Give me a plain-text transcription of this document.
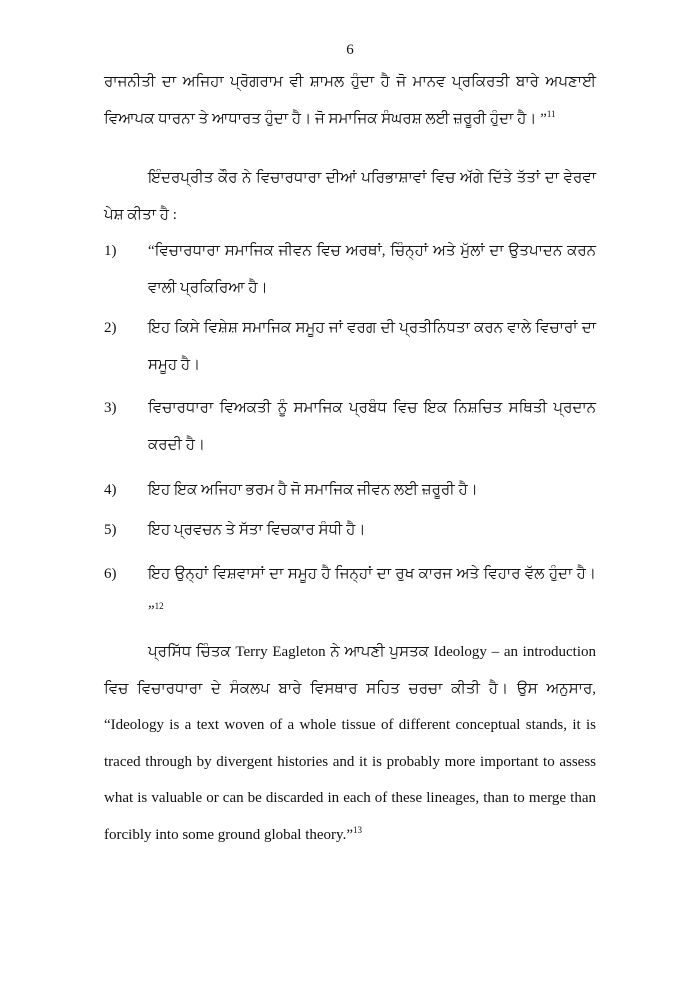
6

ਰਾਜਨੀਤੀ ਦਾ ਅਜਿਹਾ ਪ੍ਰੋਗਰਾਮ ਵੀ ਸ਼ਾਮਲ ਹੁੰਦਾ ਹੈ ਜੋ ਮਾਨਵ ਪ੍ਰਕਿਰਤੀ ਬਾਰੇ ਅਪਣਾਈ ਵਿਆਪਕ ਧਾਰਨਾ ਤੇ ਆਧਾਰਤ ਹੁੰਦਾ ਹੈ। ਜੋ ਸਮਾਜਿਕ ਸੰਘਰਸ਼ ਲਈ ਜ਼ਰੂਰੀ ਹੁੰਦਾ ਹੈ। ”$^{11}$

ਇੰਦਰਪ੍ਰੀਤ ਕੌਰ ਨੇ ਵਿਚਾਰਧਾਰਾ ਦੀਆਂ ਪਰਿਭਾਸ਼ਾਵਾਂ ਵਿਚ ਅੱਗੇ ਦਿੱਤੇ ਤੱਤਾਂ ਦਾ ਵੇਰਵਾ ਪੇਸ਼ ਕੀਤਾ ਹੈ :

1)	“ਵਿਚਾਰਧਾਰਾ ਸਮਾਜਿਕ ਜੀਵਨ ਵਿਚ ਅਰਥਾਂ, ਚਿੰਨ੍ਹਾਂ ਅਤੇ ਮੁੱਲਾਂ ਦਾ ਉਤਪਾਦਨ ਕਰਨ ਵਾਲੀ ਪ੍ਰਕਿਰਿਆ ਹੈ।
2)	ਇਹ ਕਿਸੇ ਵਿਸ਼ੇਸ਼ ਸਮਾਜਿਕ ਸਮੂਹ ਜਾਂ ਵਰਗ ਦੀ ਪ੍ਰਤੀਨਿਧਤਾ ਕਰਨ ਵਾਲੇ ਵਿਚਾਰਾਂ ਦਾ ਸਮੂਹ ਹੈ।
3)	ਵਿਚਾਰਧਾਰਾ ਵਿਅਕਤੀ ਨੂੰ ਸਮਾਜਿਕ ਪ੍ਰਬੰਧ ਵਿਚ ਇਕ ਨਿਸ਼ਚਿਤ ਸਥਿਤੀ ਪ੍ਰਦਾਨ ਕਰਦੀ ਹੈ।
4)	ਇਹ ਇਕ ਅਜਿਹਾ ਭਰਮ ਹੈ ਜੋ ਸਮਾਜਿਕ ਜੀਵਨ ਲਈ ਜ਼ਰੂਰੀ ਹੈ।
5)	ਇਹ ਪ੍ਰਵਚਨ ਤੇ ਸੱਤਾ ਵਿਚਕਾਰ ਸੰਧੀ ਹੈ।
6)	ਇਹ ਉਨ੍ਹਾਂ ਵਿਸ਼ਵਾਸਾਂ ਦਾ ਸਮੂਹ ਹੈ ਜਿਨ੍ਹਾਂ ਦਾ ਰੁਖ ਕਾਰਜ ਅਤੇ ਵਿਹਾਰ ਵੱਲ ਹੁੰਦਾ ਹੈ। ”$^{12}$

ਪ੍ਰਸਿੱਧ ਚਿੰਤਕ Terry Eagleton ਨੇ ਆਪਣੀ ਪੁਸਤਕ Ideology – an introduction ਵਿਚ ਵਿਚਾਰਧਾਰਾ ਦੇ ਸੰਕਲਪ ਬਾਰੇ ਵਿਸਥਾਰ ਸਹਿਤ ਚਰਚਾ ਕੀਤੀ ਹੈ। ਉਸ ਅਨੁਸਾਰ, “Ideology is a text woven of a whole tissue of different conceptual stands, it is traced through by divergent histories and it is probably more important to assess what is valuable or can be discarded in each of these lineages, than to merge than forcibly into some ground global theory.”$^{13}$
